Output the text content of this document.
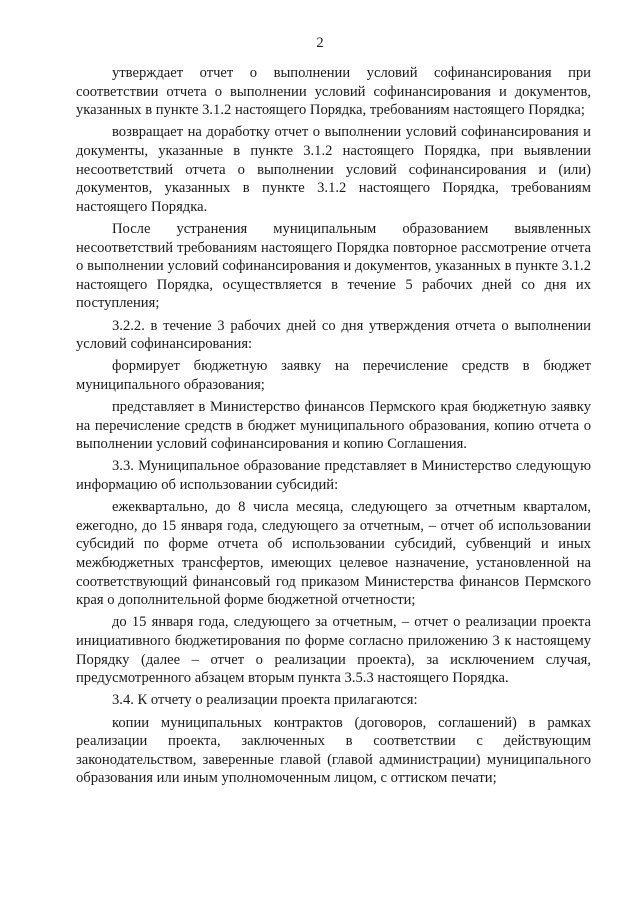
2

утверждает отчет о выполнении условий софинансирования при соответствии отчета о выполнении условий софинансирования и документов, указанных в пункте 3.1.2 настоящего Порядка, требованиям настоящего Порядка;

возвращает на доработку отчет о выполнении условий софинансирования и документы, указанные в пункте 3.1.2 настоящего Порядка, при выявлении несоответствий отчета о выполнении условий софинансирования и (или) документов, указанных в пункте 3.1.2 настоящего Порядка, требованиям настоящего Порядка.

После устранения муниципальным образованием выявленных несоответствий требованиям настоящего Порядка повторное рассмотрение отчета о выполнении условий софинансирования и документов, указанных в пункте 3.1.2 настоящего Порядка, осуществляется в течение 5 рабочих дней со дня их поступления;

3.2.2. в течение 3 рабочих дней со дня утверждения отчета о выполнении условий софинансирования:

формирует бюджетную заявку на перечисление средств в бюджет муниципального образования;

представляет в Министерство финансов Пермского края бюджетную заявку на перечисление средств в бюджет муниципального образования, копию отчета о выполнении условий софинансирования и копию Соглашения.

3.3. Муниципальное образование представляет в Министерство следующую информацию об использовании субсидий:

ежеквартально, до 8 числа месяца, следующего за отчетным кварталом, ежегодно, до 15 января года, следующего за отчетным, – отчет об использовании субсидий по форме отчета об использовании субсидий, субвенций и иных межбюджетных трансфертов, имеющих целевое назначение, установленной на соответствующий финансовый год приказом Министерства финансов Пермского края о дополнительной форме бюджетной отчетности;

до 15 января года, следующего за отчетным, – отчет о реализации проекта инициативного бюджетирования по форме согласно приложению 3 к настоящему Порядку (далее – отчет о реализации проекта), за исключением случая, предусмотренного абзацем вторым пункта 3.5.3 настоящего Порядка.

3.4. К отчету о реализации проекта прилагаются:

копии муниципальных контрактов (договоров, соглашений) в рамках реализации проекта, заключенных в соответствии с действующим законодательством, заверенные главой (главой администрации) муниципального образования или иным уполномоченным лицом, с оттиском печати;
